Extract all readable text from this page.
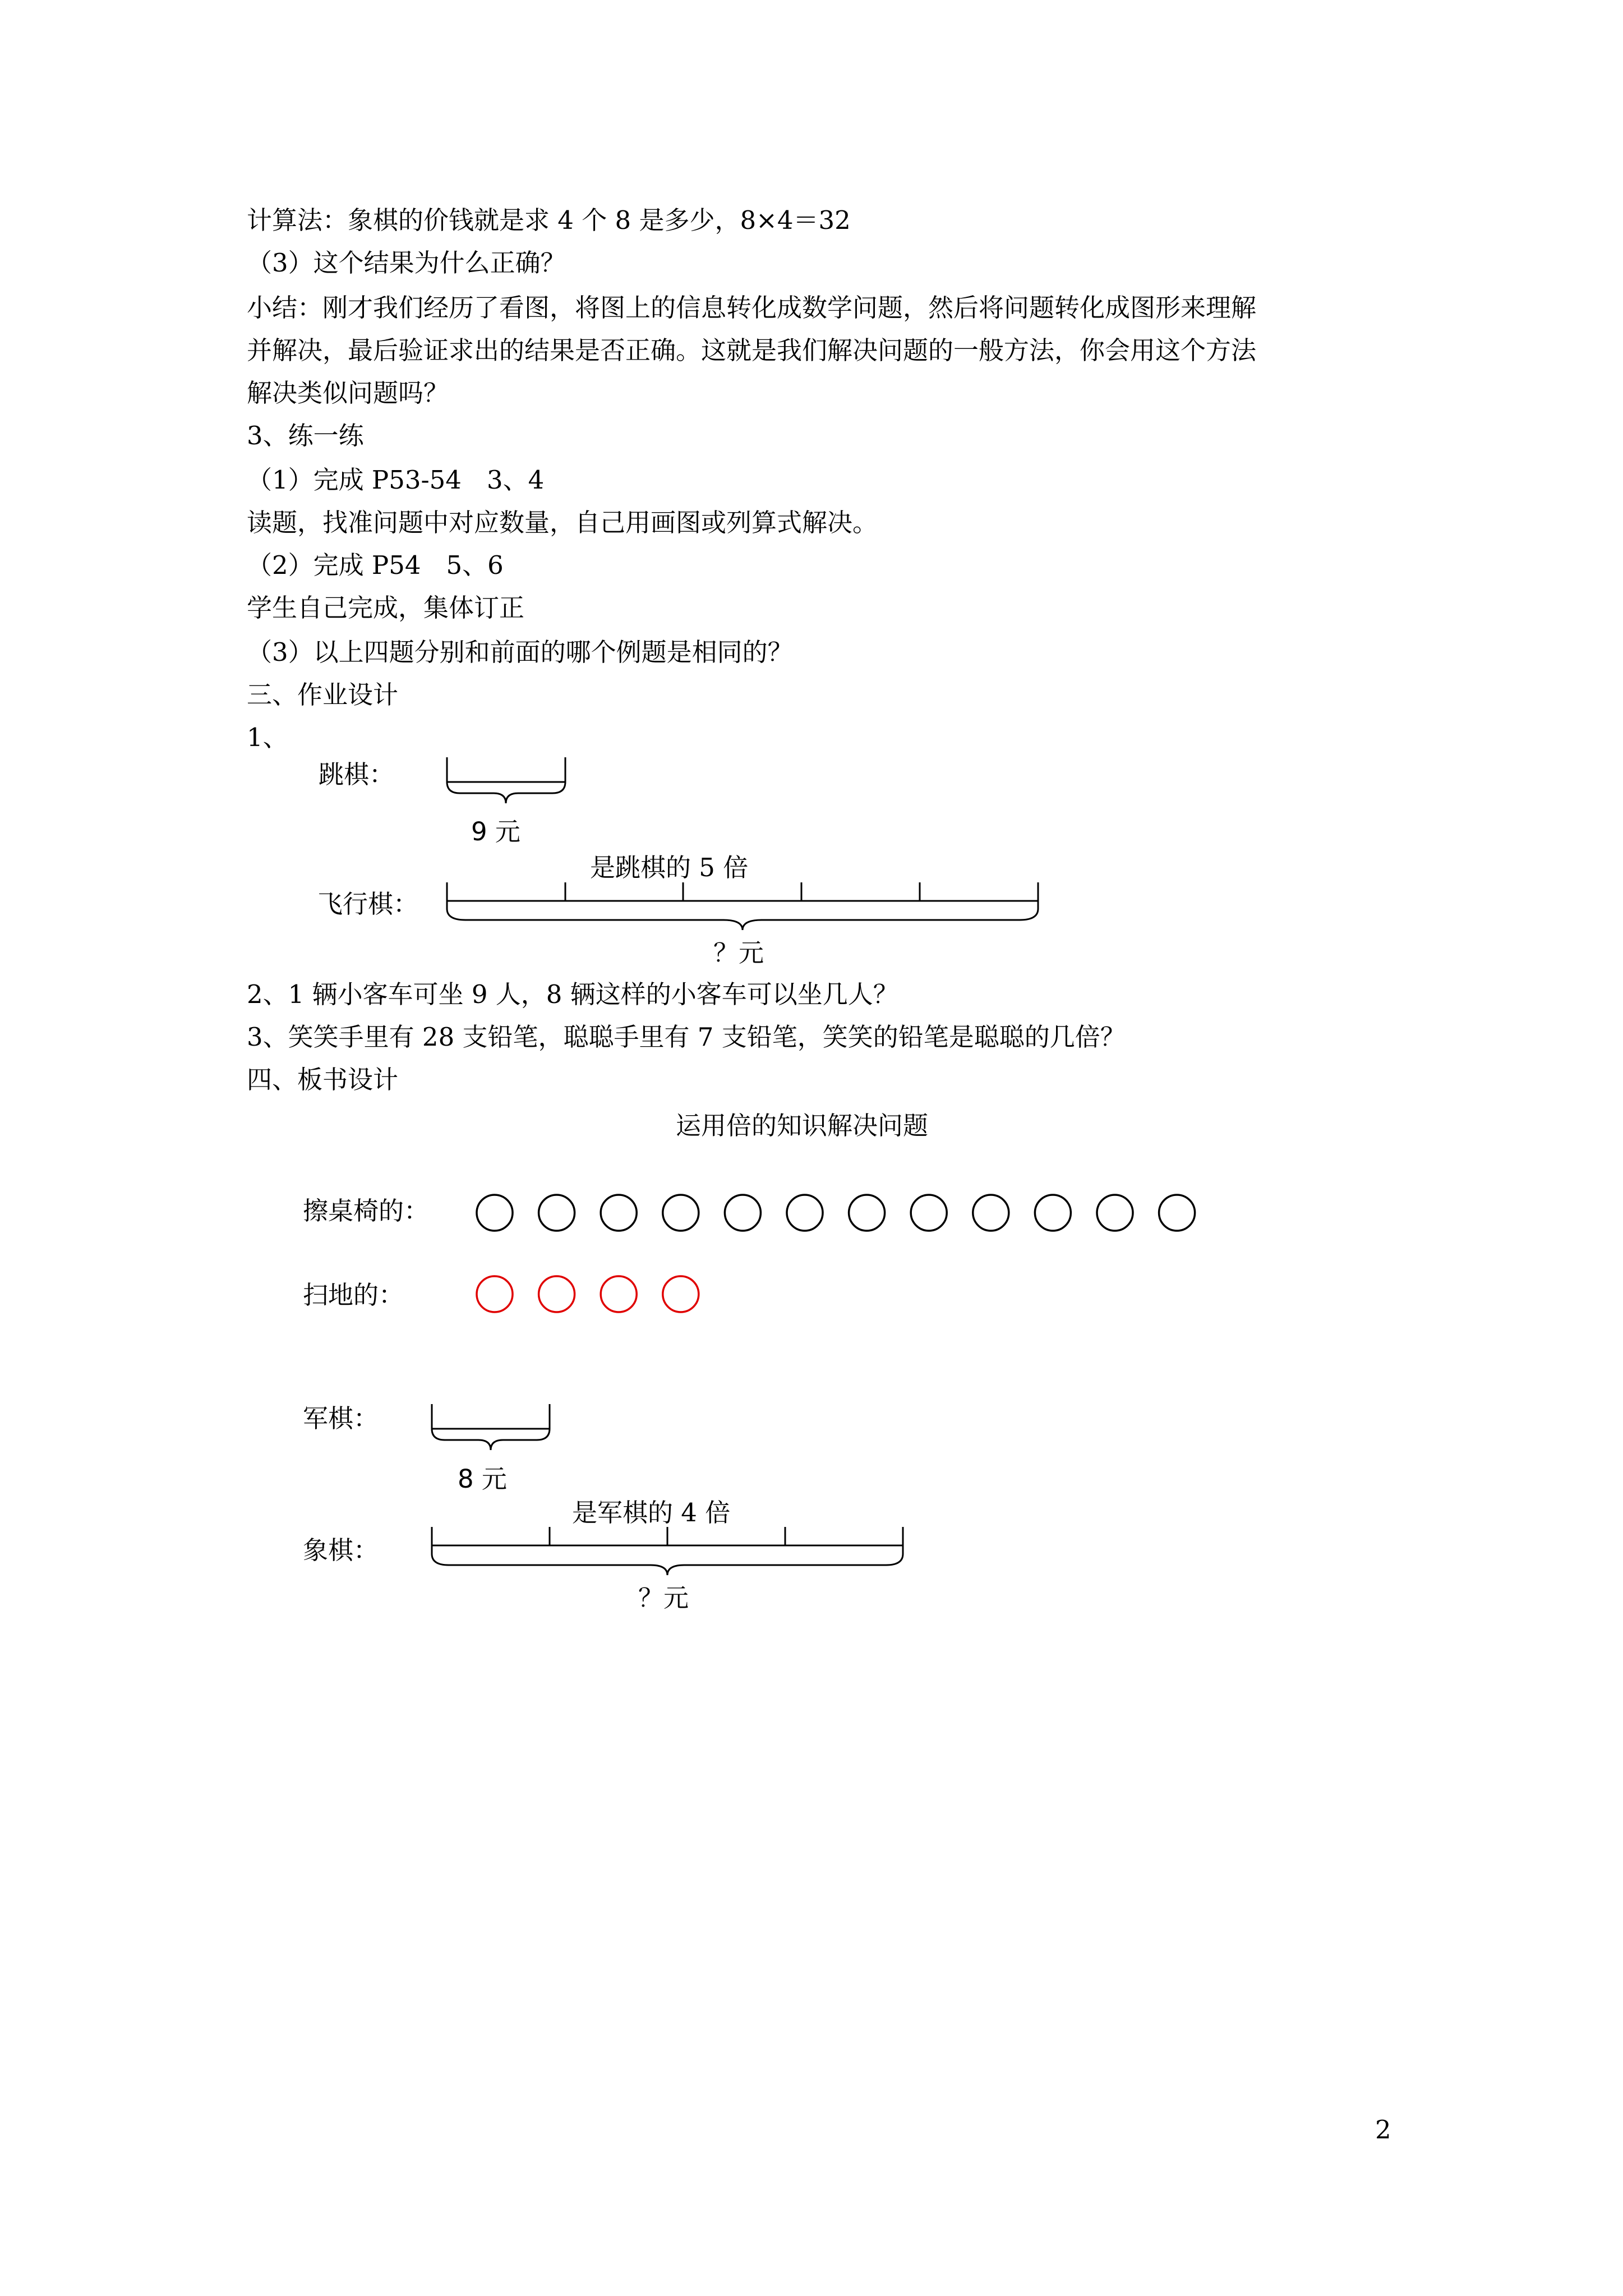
计算法：象棋的价钱就是求 4 个 8 是多少，8×4＝32
（3）这个结果为什么正确？
小结：刚才我们经历了看图，将图上的信息转化成数学问题，然后将问题转化成图形来理解
并解决，最后验证求出的结果是否正确。这就是我们解决问题的一般方法，你会用这个方法
解决类似问题吗？
3、练一练
（1）完成 P53-54　3、4
读题，找准问题中对应数量，自己用画图或列算式解决。
（2）完成 P54　5、6
学生自己完成，集体订正
（3）以上四题分别和前面的哪个例题是相同的？
三、作业设计
1、
跳棋：
9 元
是跳棋的 5 倍
飞行棋：
？元
2、1 辆小客车可坐 9 人，8 辆这样的小客车可以坐几人？
3、笑笑手里有 28 支铅笔，聪聪手里有 7 支铅笔，笑笑的铅笔是聪聪的几倍？
四、板书设计
运用倍的知识解决问题
擦桌椅的：
扫地的：
军棋：
8 元
是军棋的 4 倍
象棋：
？元
2
